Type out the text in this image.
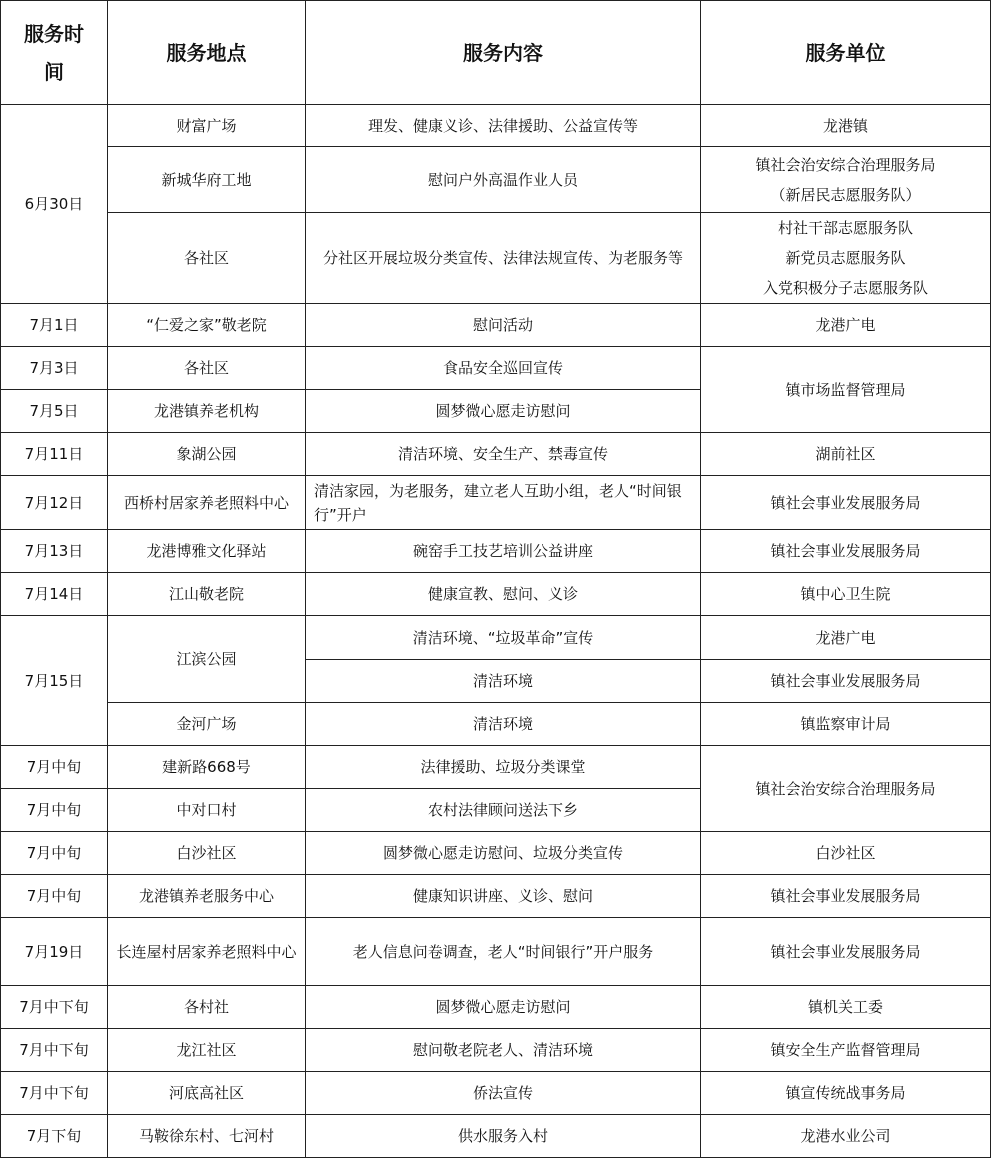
服务时间	服务地点	服务内容	服务单位
6月30日	财富广场	理发、健康义诊、法律援助、公益宣传等	龙港镇
	新城华府工地	慰问户外高温作业人员	镇社会治安综合治理服务局
（新居民志愿服务队）

	各社区	分社区开展垃圾分类宣传、法律法规宣传、为老服务等	村社干部志愿服务队
新党员志愿服务队
入党积极分子志愿服务队

7月1日	“仁爱之家”敬老院	慰问活动	龙港广电
7月3日	各社区	食品安全巡回宣传	镇市场监督管理局
7月5日	龙港镇养老机构	圆梦微心愿走访慰问	
7月11日	象湖公园	清洁环境、安全生产、禁毒宣传	湖前社区
7月12日	西桥村居家养老照料中心	清洁家园，为老服务，建立老人互助小组，老人“时间银行”开户	镇社会事业发展服务局
7月13日	龙港博雅文化驿站	碗窑手工技艺培训公益讲座	镇社会事业发展服务局
7月14日	江山敬老院	健康宣教、慰问、义诊	镇中心卫生院
7月15日	江滨公园	清洁环境、“垃圾革命”宣传	龙港广电
		清洁环境	镇社会事业发展服务局
	金河广场	清洁环境	镇监察审计局
7月中旬	建新路668号	法律援助、垃圾分类课堂	镇社会治安综合治理服务局
7月中旬	中对口村	农村法律顾问送法下乡	
7月中旬	白沙社区	圆梦微心愿走访慰问、垃圾分类宣传	白沙社区
7月中旬	龙港镇养老服务中心	健康知识讲座、义诊、慰问	镇社会事业发展服务局
7月19日	长连屋村居家养老照料中心	老人信息问卷调查，老人“时间银行”开户服务	镇社会事业发展服务局
7月中下旬	各村社	圆梦微心愿走访慰问	镇机关工委
7月中下旬	龙江社区	慰问敬老院老人、清洁环境	镇安全生产监督管理局
7月中下旬	河底高社区	侨法宣传	镇宣传统战事务局
7月下旬	马鞍徐东村、七河村	供水服务入村	龙港水业公司
